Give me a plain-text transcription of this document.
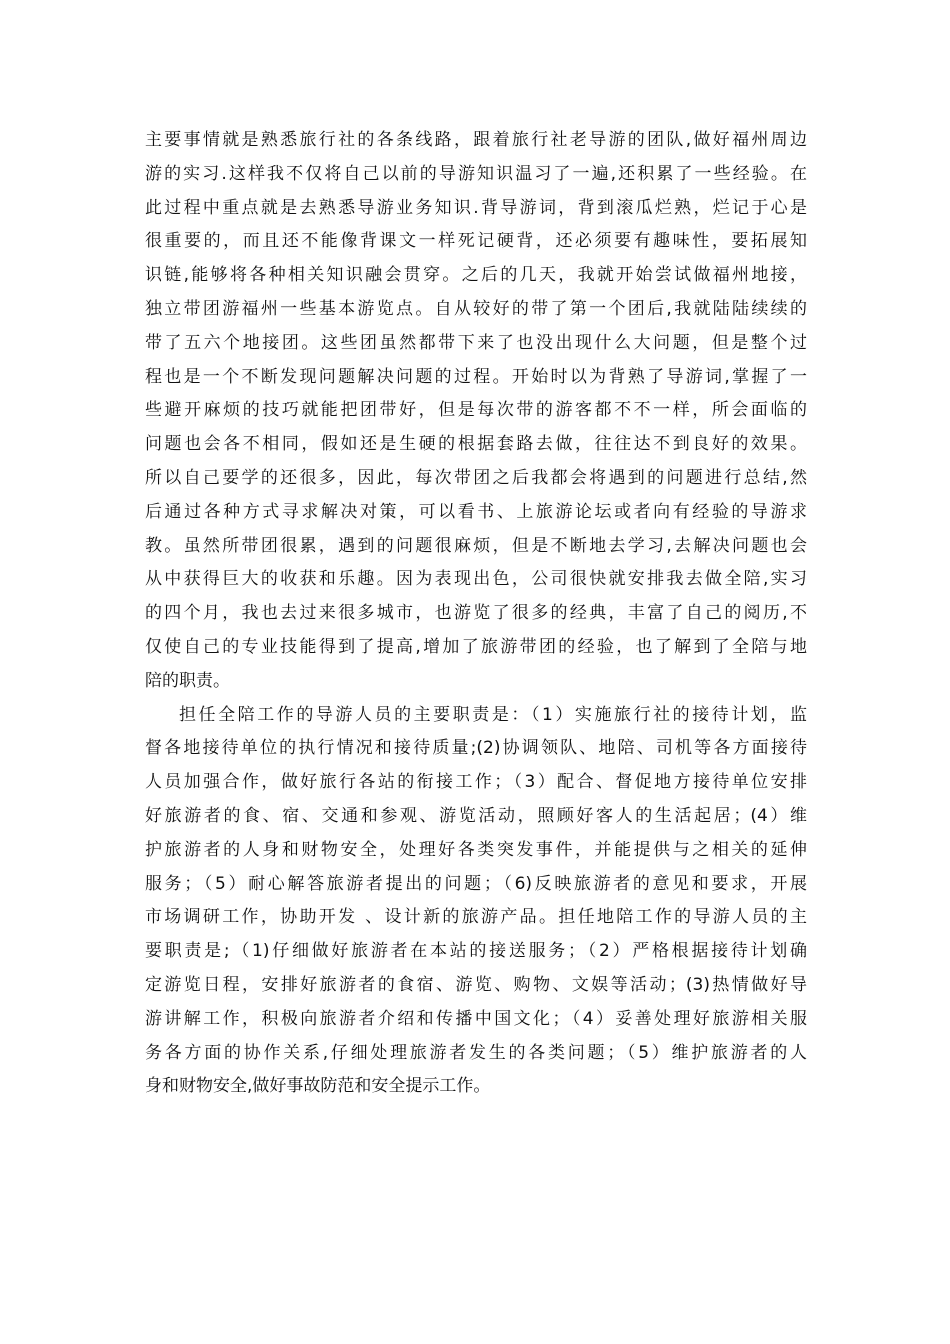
主要事情就是熟悉旅行社的各条线路，跟着旅行社老导游的团队,做好福州周边
游的实习.这样我不仅将自己以前的导游知识温习了一遍,还积累了一些经验。在
此过程中重点就是去熟悉导游业务知识.背导游词，背到滚瓜烂熟，烂记于心是
很重要的，而且还不能像背课文一样死记硬背，还必须要有趣味性，要拓展知
识链,能够将各种相关知识融会贯穿。之后的几天，我就开始尝试做福州地接，
独立带团游福州一些基本游览点。自从较好的带了第一个团后,我就陆陆续续的
带了五六个地接团。这些团虽然都带下来了也没出现什么大问题，但是整个过
程也是一个不断发现问题解决问题的过程。开始时以为背熟了导游词,掌握了一
些避开麻烦的技巧就能把团带好，但是每次带的游客都不不一样，所会面临的
问题也会各不相同，假如还是生硬的根据套路去做，往往达不到良好的效果。
所以自己要学的还很多，因此，每次带团之后我都会将遇到的问题进行总结,然
后通过各种方式寻求解决对策，可以看书、上旅游论坛或者向有经验的导游求
教。虽然所带团很累，遇到的问题很麻烦，但是不断地去学习,去解决问题也会
从中获得巨大的收获和乐趣。因为表现出色，公司很快就安排我去做全陪,实习
的四个月，我也去过来很多城市，也游览了很多的经典，丰富了自己的阅历,不
仅使自己的专业技能得到了提高,增加了旅游带团的经验，也了解到了全陪与地
陪的职责。
担任全陪工作的导游人员的主要职责是：（1）实施旅行社的接待计划，监
督各地接待单位的执行情况和接待质量;(2)协调领队、地陪、司机等各方面接待
人员加强合作，做好旅行各站的衔接工作；（3）配合、督促地方接待单位安排
好旅游者的食、宿、交通和参观、游览活动，照顾好客人的生活起居；(4）维
护旅游者的人身和财物安全，处理好各类突发事件，并能提供与之相关的延伸
服务；（5）耐心解答旅游者提出的问题；（6)反映旅游者的意见和要求，开展
市场调研工作，协助开发 、设计新的旅游产品。担任地陪工作的导游人员的主
要职责是;（1)仔细做好旅游者在本站的接送服务；（2）严格根据接待计划确
定游览日程，安排好旅游者的食宿、游览、购物、文娱等活动；(3)热情做好导
游讲解工作，积极向旅游者介绍和传播中国文化；（4）妥善处理好旅游相关服
务各方面的协作关系,仔细处理旅游者发生的各类问题；（5）维护旅游者的人
身和财物安全,做好事故防范和安全提示工作。
